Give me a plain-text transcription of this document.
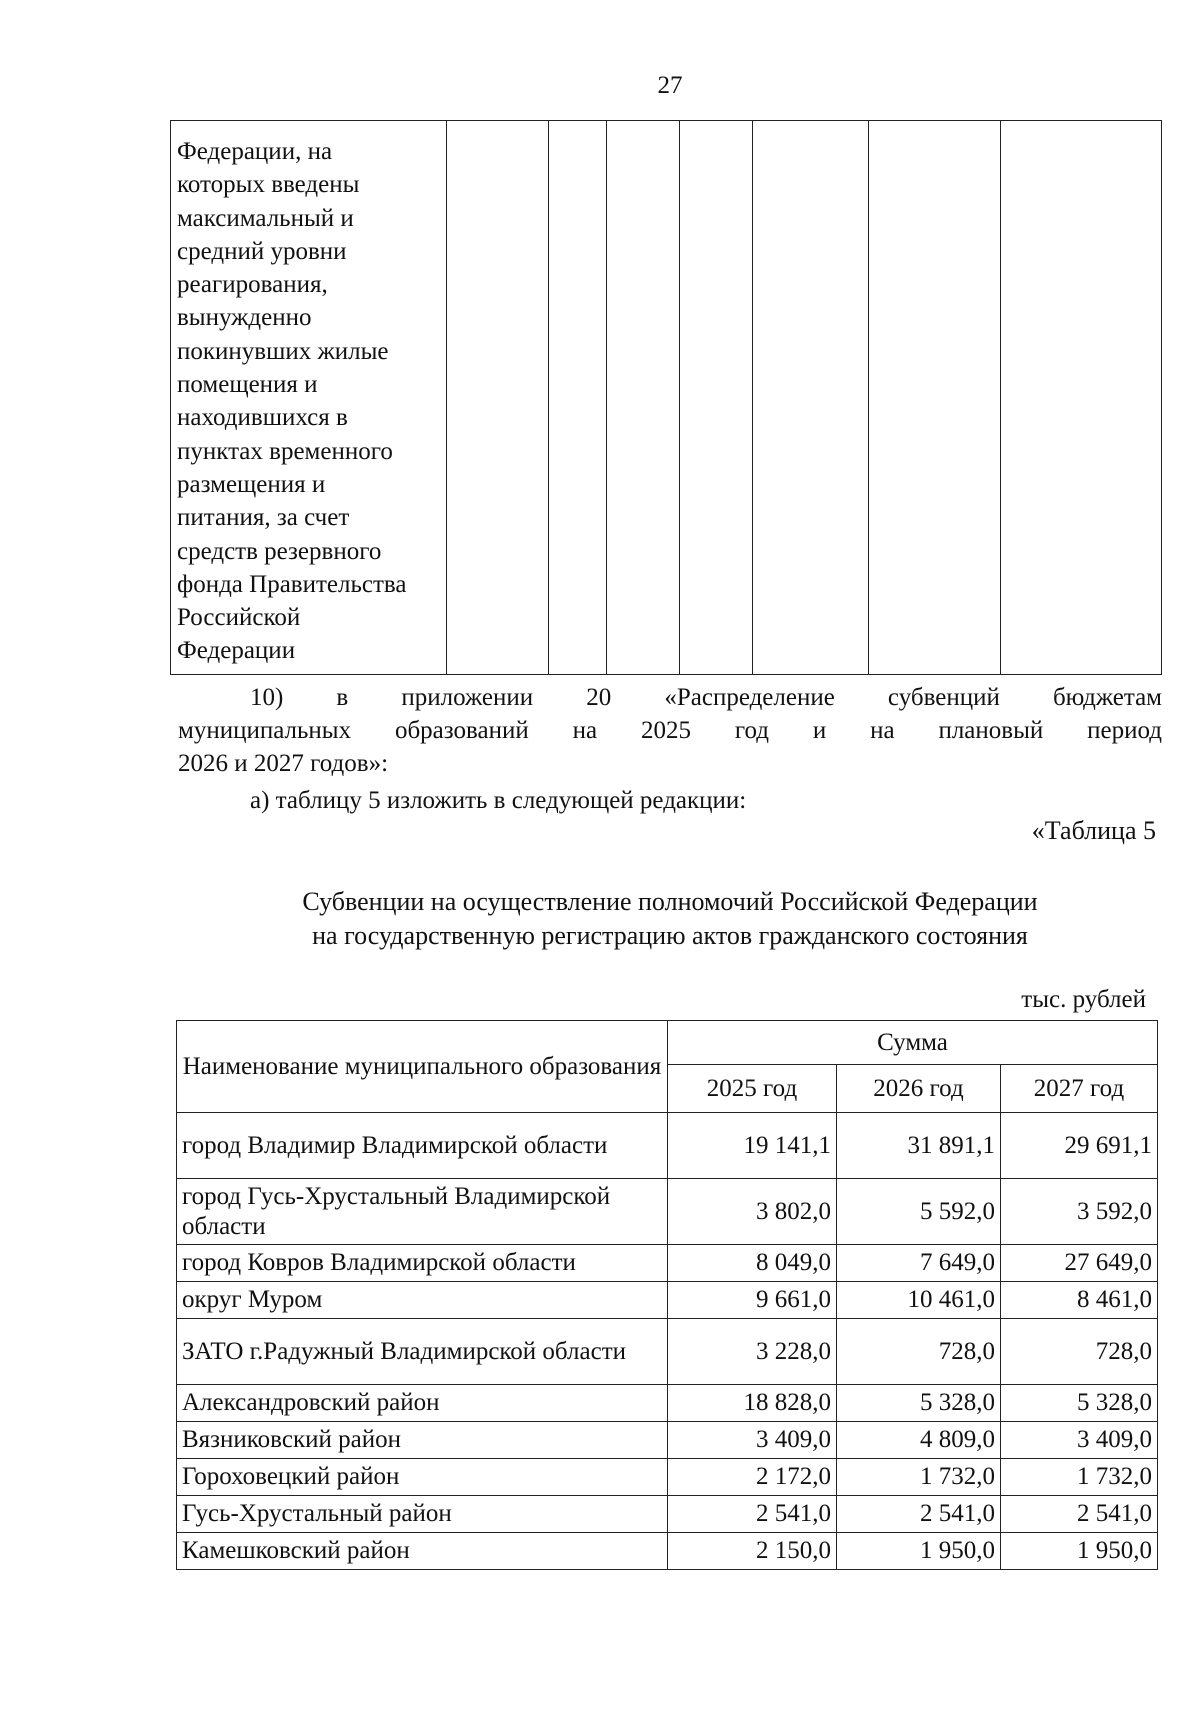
27
Федерации, на
которых введены
максимальный и
средний уровни
реагирования,
вынужденно
покинувших жилые
помещения и
находившихся в
пунктах временного
размещения и
питания, за счет
средств резервного
фонда Правительства
Российской
Федерации

10) в приложении 20 «Распределение субвенций бюджетам
муниципальных образований на 2025 год и на плановый период
2026 и 2027 годов»:
а) таблицу 5 изложить в следующей редакции:
«Таблица 5
Субвенции на осуществление полномочий Российской Федерации
на государственную регистрацию актов гражданского состояния
тыс. рублей
Наименование муниципального образования	Сумма		
	2025 год	2026 год	2027 год
город Владимир Владимирской области	19 141,1	31 891,1	29 691,1
город Гусь-Хрустальный Владимирской области	3 802,0	5 592,0	3 592,0
город Ковров Владимирской области	8 049,0	7 649,0	27 649,0
округ Муром	9 661,0	10 461,0	8 461,0
ЗАТО г.Радужный Владимирской области	3 228,0	728,0	728,0
Александровский район	18 828,0	5 328,0	5 328,0
Вязниковский район	3 409,0	4 809,0	3 409,0
Гороховецкий район	2 172,0	1 732,0	1 732,0
Гусь-Хрустальный район	2 541,0	2 541,0	2 541,0
Камешковский район	2 150,0	1 950,0	1 950,0
